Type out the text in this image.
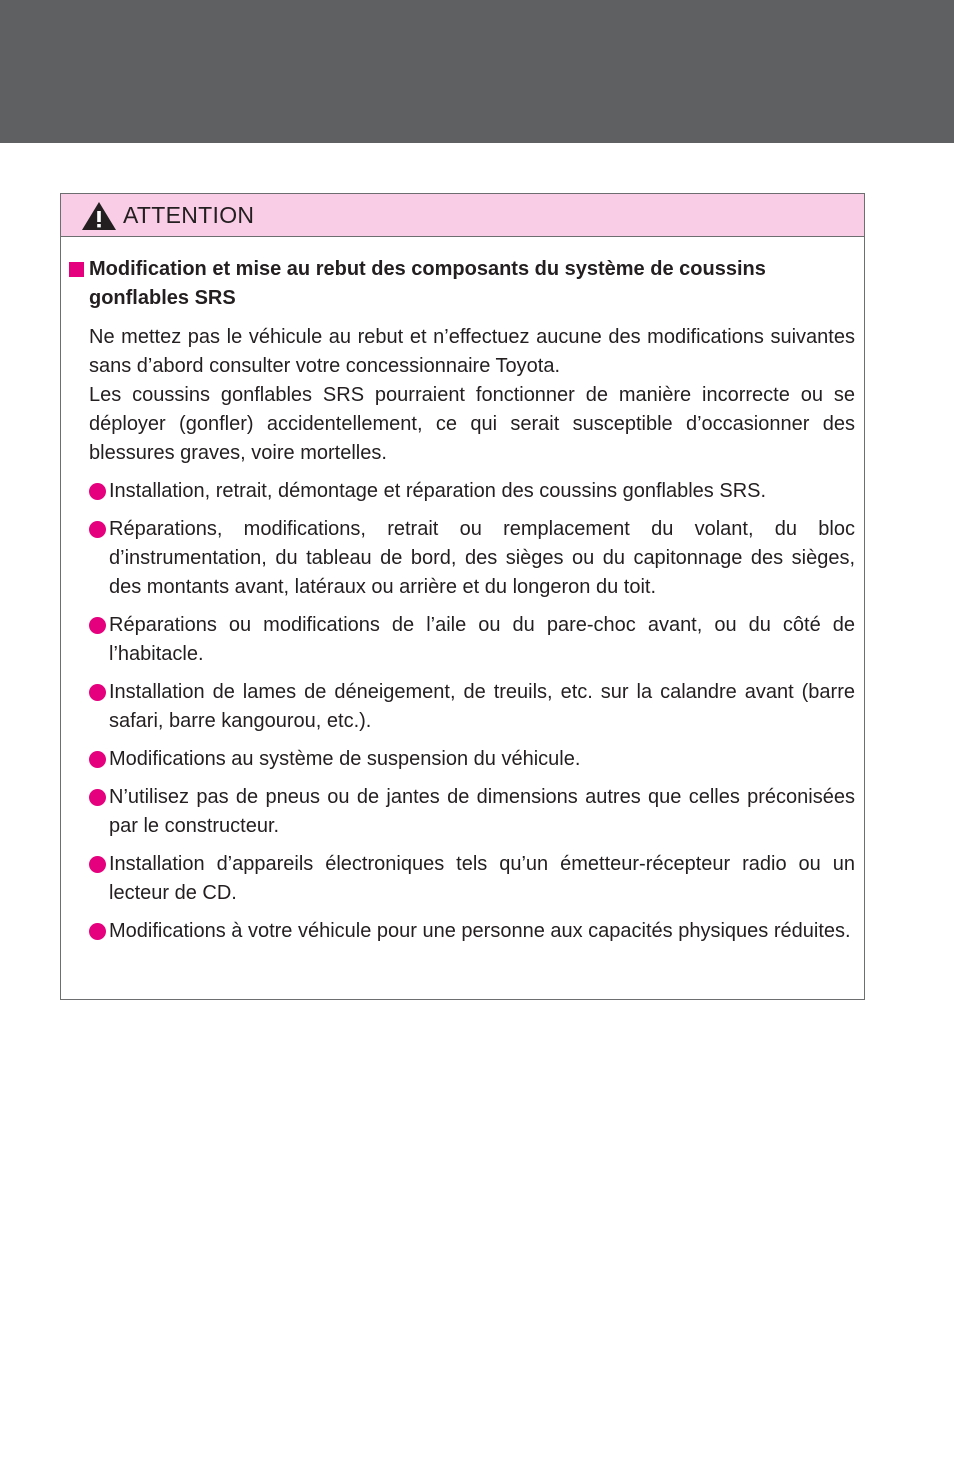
ATTENTION
Modification et mise au rebut des composants du système de coussins gonflables SRS

Ne mettez pas le véhicule au rebut et n’effectuez aucune des modifications suivantes sans d’abord consulter votre concessionnaire Toyota.

Les coussins gonflables SRS pourraient fonctionner de manière incorrecte ou se déployer (gonfler) accidentellement, ce qui serait susceptible d’occasionner des blessures graves, voire mortelles.

Installation, retrait, démontage et réparation des coussins gonflables SRS.
Réparations, modifications, retrait ou remplacement du volant, du bloc d’instrumentation, du tableau de bord, des sièges ou du capitonnage des sièges, des montants avant, latéraux ou arrière et du longeron du toit.
Réparations ou modifications de l’aile ou du pare-choc avant, ou du côté de l’habitacle.
Installation de lames de déneigement, de treuils, etc. sur la calandre avant (barre safari, barre kangourou, etc.).
Modifications au système de suspension du véhicule.
N’utilisez pas de pneus ou de jantes de dimensions autres que celles préconisées par le constructeur.
Installation d’appareils électroniques tels qu’un émetteur-récepteur radio ou un lecteur de CD.
Modifications à votre véhicule pour une personne aux capacités physiques réduites.
